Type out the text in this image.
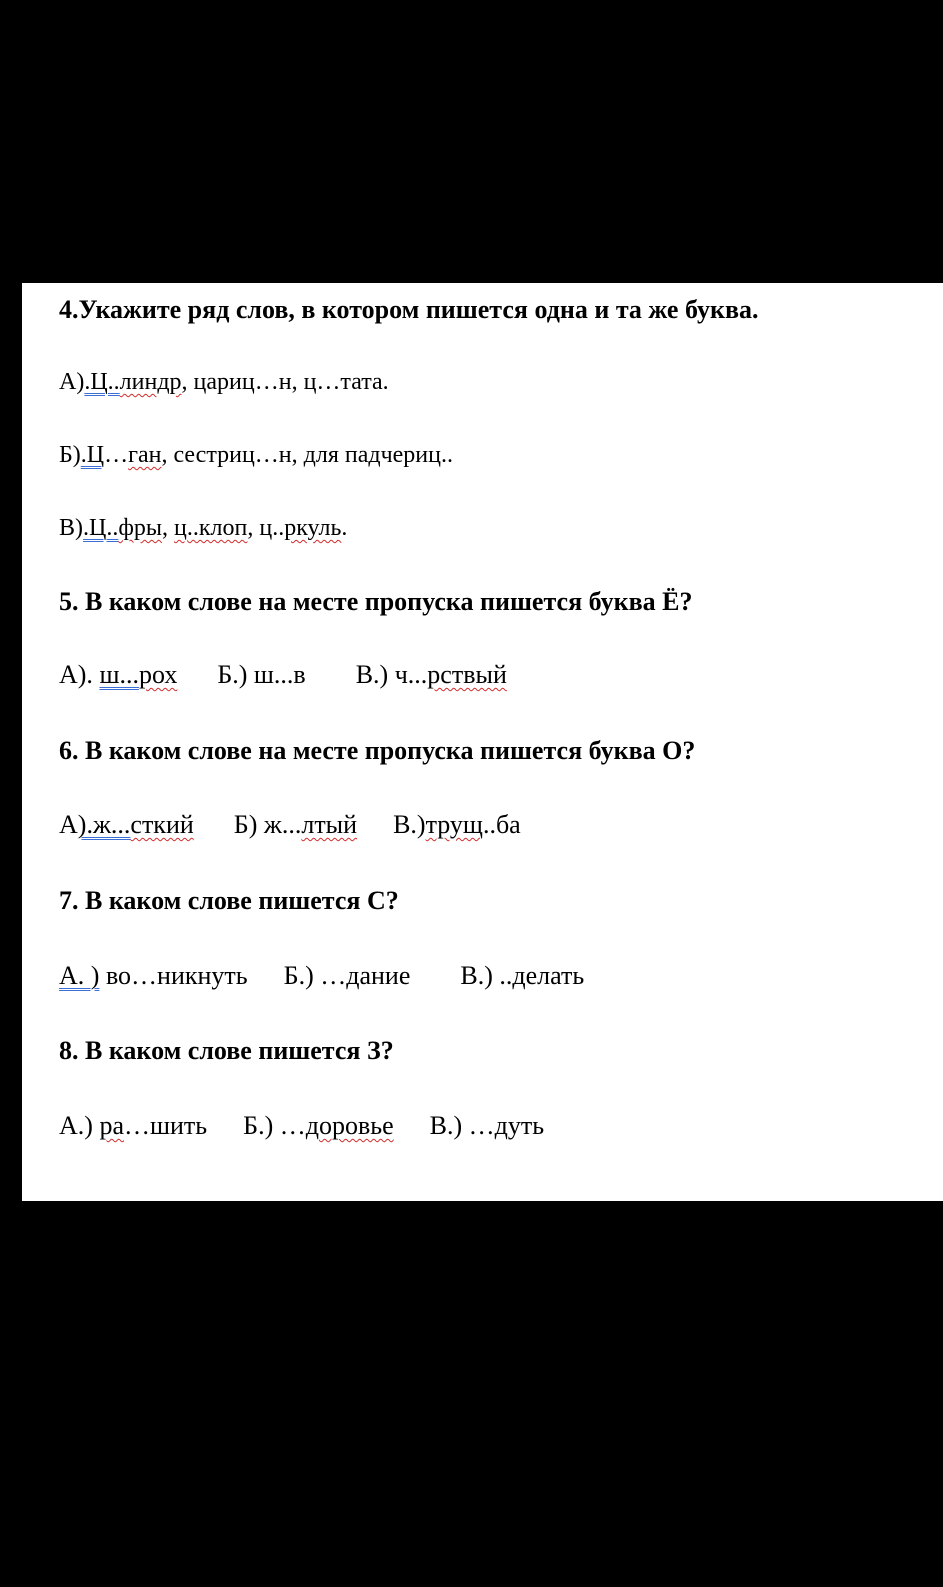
4.Укажите ряд слов, в котором пишется одна и та же буква.
А).Ц..линдр, цариц…н, ц…тата.
Б).Ц…ган, сестриц…н, для падчериц..
В).Ц..фры, ц..клоп, ц..ркуль.
5. В каком слове на месте пропуска пишется буква Ё?
А). ш...рох Б.) ш...в В.) ч...рствый
6. В каком слове на месте пропуска пишется буква О?
А).ж...сткий Б) ж...лтый В.)трущ..ба
7. В каком слове пишется С?
А. ) во…никнуть Б.) …дание В.) ..делать
8. В каком слове пишется З?
А.) ра…шить Б.) …доровье В.) …дуть
